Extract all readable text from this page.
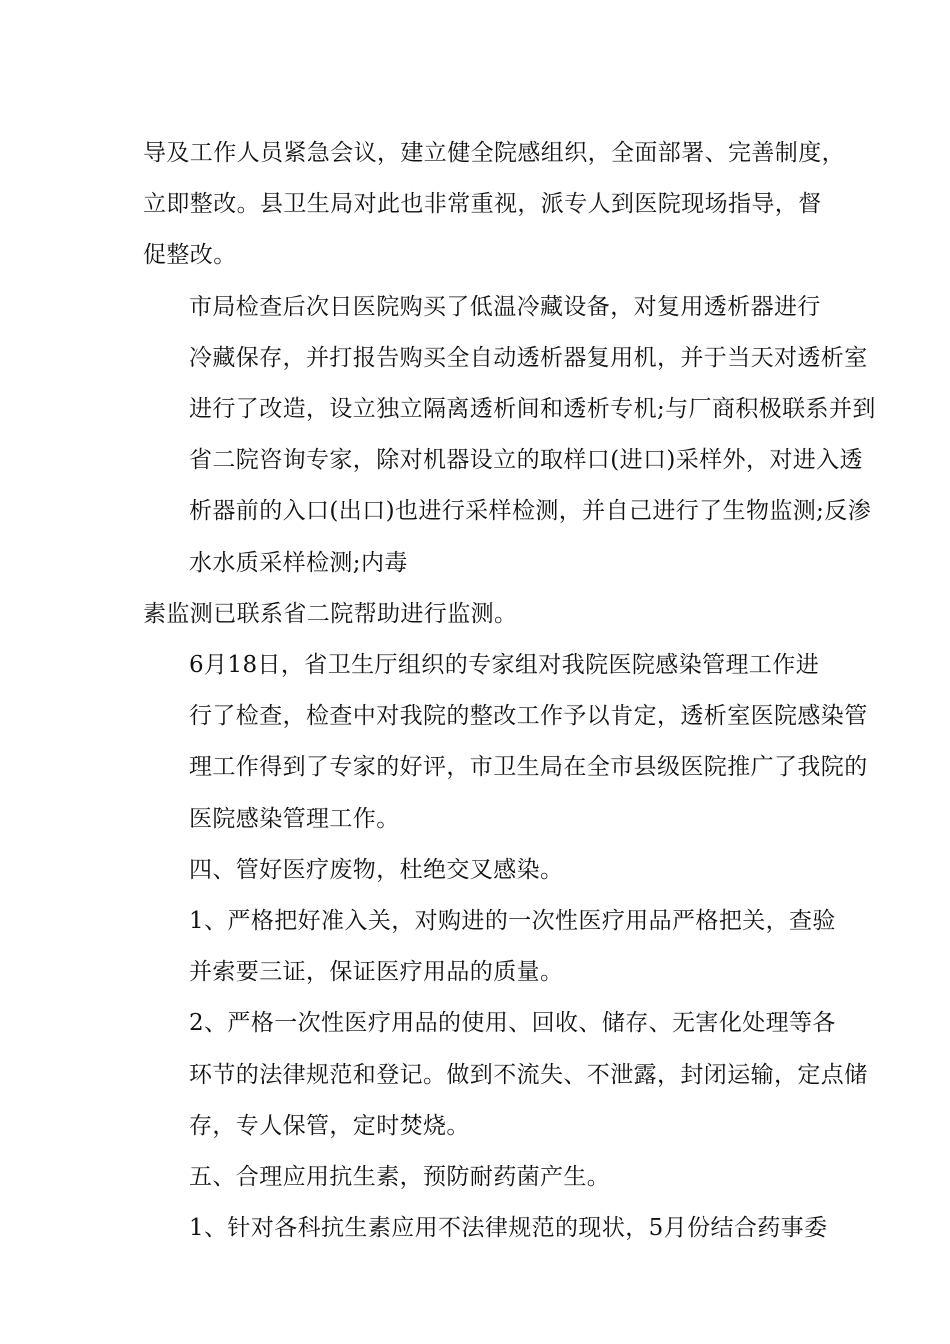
导及工作人员紧急会议，建立健全院感组织，全面部署、完善制度，
立即整改。县卫生局对此也非常重视，派专人到医院现场指导，督
促整改。

市局检查后次日医院购买了低温冷藏设备，对复用透析器进行
冷藏保存，并打报告购买全自动透析器复用机，并于当天对透析室
进行了改造，设立独立隔离透析间和透析专机;与厂商积极联系并到
省二院咨询专家，除对机器设立的取样口(进口)采样外，对进入透
析器前的入口(出口)也进行采样检测，并自己进行了生物监测;反渗
水水质采样检测;内毒

素监测已联系省二院帮助进行监测。

6月18日，省卫生厅组织的专家组对我院医院感染管理工作进
行了检查，检查中对我院的整改工作予以肯定，透析室医院感染管
理工作得到了专家的好评，市卫生局在全市县级医院推广了我院的
医院感染管理工作。

四、管好医疗废物，杜绝交叉感染。

1、严格把好准入关，对购进的一次性医疗用品严格把关，查验
并索要三证，保证医疗用品的质量。

2、严格一次性医疗用品的使用、回收、储存、无害化处理等各
环节的法律规范和登记。做到不流失、不泄露，封闭运输，定点储
存，专人保管，定时焚烧。

五、合理应用抗生素，预防耐药菌产生。

1、针对各科抗生素应用不法律规范的现状，5月份结合药事委
